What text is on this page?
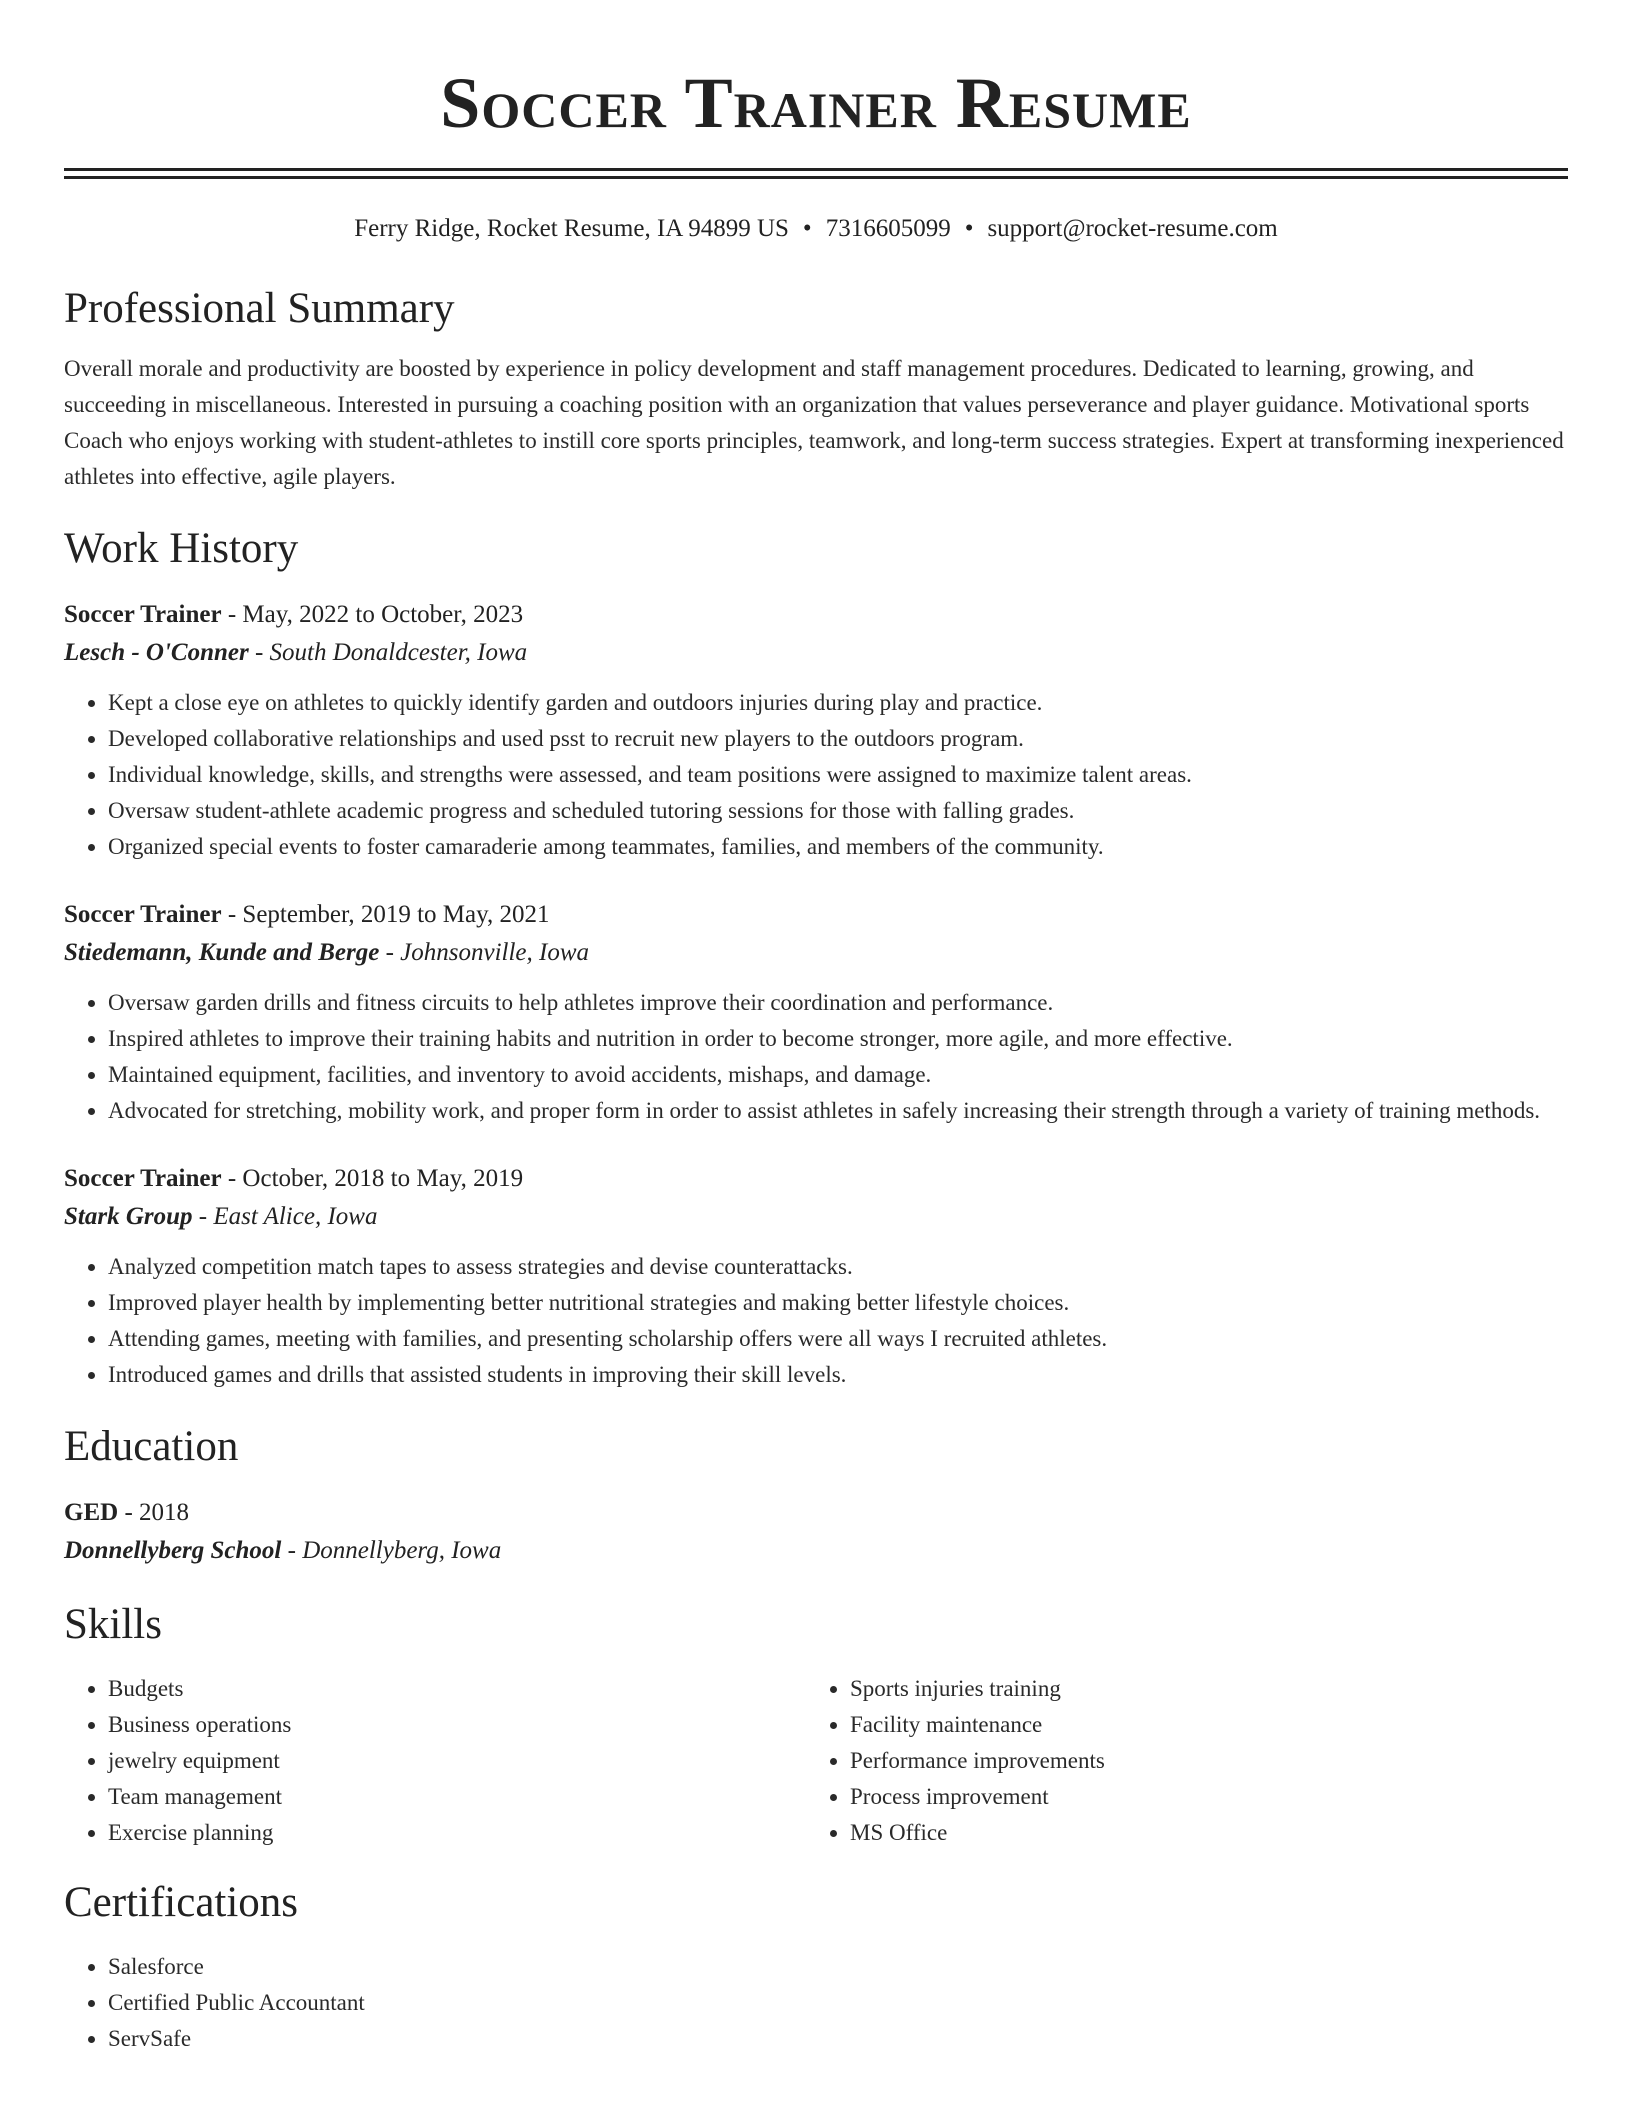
Soccer Trainer Resume
Ferry Ridge, Rocket Resume, IA 94899 US • 7316605099 • support@rocket-resume.com
Professional Summary
Overall morale and productivity are boosted by experience in policy development and staff management procedures. Dedicated to learning, growing, and succeeding in miscellaneous. Interested in pursuing a coaching position with an organization that values perseverance and player guidance. Motivational sports Coach who enjoys working with student-athletes to instill core sports principles, teamwork, and long-term success strategies. Expert at transforming inexperienced athletes into effective, agile players.
Work History
Soccer Trainer - May, 2022 to October, 2023
Lesch - O'Conner - South Donaldcester, Iowa
• Kept a close eye on athletes to quickly identify garden and outdoors injuries during play and practice.
• Developed collaborative relationships and used psst to recruit new players to the outdoors program.
• Individual knowledge, skills, and strengths were assessed, and team positions were assigned to maximize talent areas.
• Oversaw student-athlete academic progress and scheduled tutoring sessions for those with falling grades.
• Organized special events to foster camaraderie among teammates, families, and members of the community.
Soccer Trainer - September, 2019 to May, 2021
Stiedemann, Kunde and Berge - Johnsonville, Iowa
• Oversaw garden drills and fitness circuits to help athletes improve their coordination and performance.
• Inspired athletes to improve their training habits and nutrition in order to become stronger, more agile, and more effective.
• Maintained equipment, facilities, and inventory to avoid accidents, mishaps, and damage.
• Advocated for stretching, mobility work, and proper form in order to assist athletes in safely increasing their strength through a variety of training methods.
Soccer Trainer - October, 2018 to May, 2019
Stark Group - East Alice, Iowa
• Analyzed competition match tapes to assess strategies and devise counterattacks.
• Improved player health by implementing better nutritional strategies and making better lifestyle choices.
• Attending games, meeting with families, and presenting scholarship offers were all ways I recruited athletes.
• Introduced games and drills that assisted students in improving their skill levels.
Education
GED - 2018
Donnellyberg School - Donnellyberg, Iowa
Skills
• Budgets
• Business operations
• jewelry equipment
• Team management
• Exercise planning
• Sports injuries training
• Facility maintenance
• Performance improvements
• Process improvement
• MS Office
Certifications
• Salesforce
• Certified Public Accountant
• ServSafe
